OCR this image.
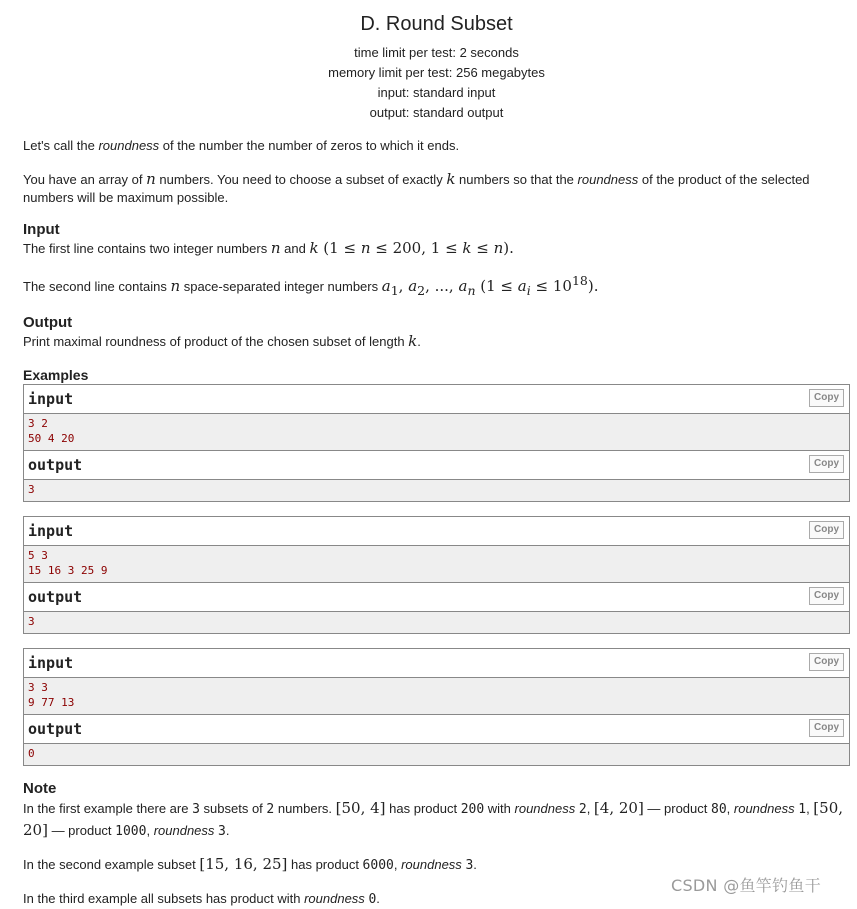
D. Round Subset
time limit per test: 2 seconds
memory limit per test: 256 megabytes
input: standard input
output: standard output

Let's call the roundness of the number the number of zeros to which it ends.

You have an array of n numbers. You need to choose a subset of exactly k numbers so that the roundness of the product of the selected numbers will be maximum possible.

Input

The first line contains two integer numbers n and k (1 ≤ n ≤ 200, 1 ≤ k ≤ n).

The second line contains n space-separated integer numbers $a_1$, $a_2$, ..., $a_n$ $(1 \le a_i \le 10^{18})$.

Output

Print maximal roundness of product of the chosen subset of length k.

Examples
input	Copy
3 2
50 4 20
output	Copy
3
input	Copy
5 3
15 16 3 25 9
output	Copy
3
input	Copy
3 3
9 77 13
output	Copy
0
Note

In the first example there are 3 subsets of 2 numbers. [50, 4] has product 200 with roundness 2, [4, 20] — product 80, roundness 1, [50, 20] — product 1000, roundness 3.

In the second example subset [15, 16, 25] has product 6000, roundness 3.

In the third example all subsets has product with roundness 0.

CSDN @鱼竿钓鱼干
